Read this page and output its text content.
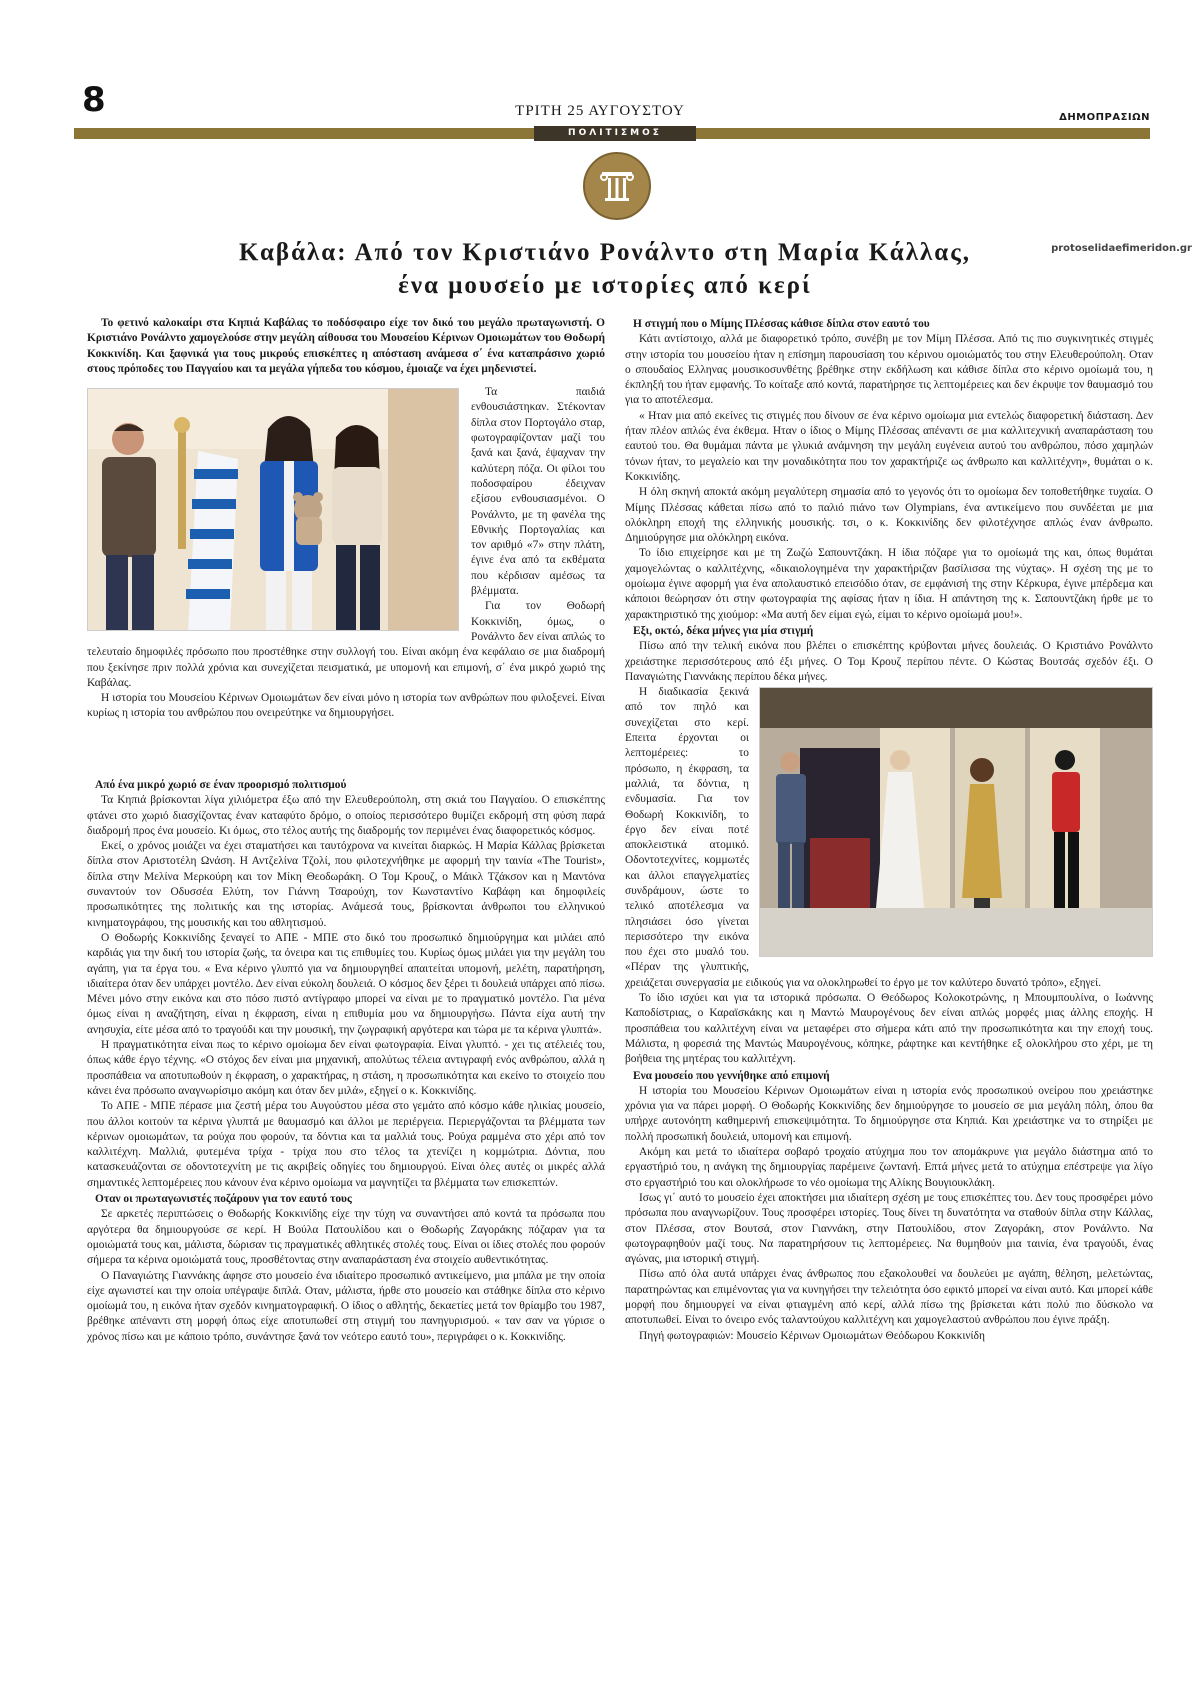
8	ΤΡΙΤΗ 25 ΑΥΓΟΥΣΤΟΥ	ΔΗΜΟΠΡΑΣΙΩΝ
ΠΟΛΙΤΙΣΜΟΣ
Καβάλα: Από τον Κριστιάνο Ρονάλντο στη Μαρία Κάλλας,
ένα μουσείο με ιστορίες από κερί
protoselidaefimeridon.gr

Το φετινό καλοκαίρι στα Κηπιά Καβάλας το ποδόσφαιρο είχε τον δικό του μεγάλο πρωταγωνιστή. Ο Κριστιάνο Ρονάλντο χαμογελούσε στην μεγάλη αίθουσα του Μουσείου Κέρινων Ομοιωμάτων του Θοδωρή Κοκκινίδη. Και ξαφνικά για τους μικρούς επισκέπτες η απόσταση ανάμεσα σ΄ ένα καταπράσινο χωριό στους πρόποδες του Παγγαίου και τα μεγάλα γήπεδα του κόσμου, έμοιαζε να έχει μηδενιστεί.

Τα παιδιά ενθουσιάστηκαν. Στέκονταν δίπλα στον Πορτογάλο σταρ, φωτογραφίζονταν μαζί του ξανά και ξανά, έψαχναν την καλύτερη πόζα. Οι φίλοι του ποδοσφαίρου έδειχναν εξίσου ενθουσιασμένοι. Ο Ρονάλντο, με τη φανέλα της Εθνικής Πορτογαλίας και τον αριθμό «7» στην πλάτη, έγινε ένα από τα εκθέματα που κέρδισαν αμέσως τα βλέμματα.

Για τον Θοδωρή Κοκκινίδη, όμως, ο Ρονάλντο δεν είναι απλώς το τελευταίο δημοφιλές πρόσωπο που προστέθηκε στην συλλογή του. Είναι ακόμη ένα κεφάλαιο σε μια διαδρομή που ξεκίνησε πριν πολλά χρόνια και συνεχίζεται πεισματικά, με υπομονή και επιμονή, σ΄ ένα μικρό χωριό της Καβάλας.

Η ιστορία του Μουσείου Κέρινων Ομοιωμάτων δεν είναι μόνο η ιστορία των ανθρώπων που φιλοξενεί. Είναι κυρίως η ιστορία του ανθρώπου που ονειρεύτηκε να δημιουργήσει.

Από ένα μικρό χωριό σε έναν προορισμό πολιτισμού

Τα Κηπιά βρίσκονται λίγα χιλιόμετρα έξω από την Ελευθερούπολη, στη σκιά του Παγγαίου. Ο επισκέπτης φτάνει στο χωριό διασχίζοντας έναν καταφύτο δρόμο, ο οποίος περισσότερο θυμίζει εκδρομή στη φύση παρά διαδρομή προς ένα μουσείο. Κι όμως, στο τέλος αυτής της διαδρομής τον περιμένει ένας διαφορετικός κόσμος.

Εκεί, ο χρόνος μοιάζει να έχει σταματήσει και ταυτόχρονα να κινείται διαρκώς. Η Μαρία Κάλλας βρίσκεται δίπλα στον Αριστοτέλη Ωνάση. Η Αντζελίνα Τζολί, που φιλοτεχνήθηκε με αφορμή την ταινία «The Tourist», δίπλα στην Μελίνα Μερκούρη και τον Μίκη Θεοδωράκη. Ο Τομ Κρουζ, ο Μάικλ Τζάκσον και η Μαντόνα συναντούν τον Οδυσσέα Ελύτη, τον Γιάννη Τσαρούχη, τον Κωνσταντίνο Καβάφη και δημοφιλείς προσωπικότητες της πολιτικής και της ιστορίας. Ανάμεσά τους, βρίσκονται άνθρωποι του ελληνικού κινηματογράφου, της μουσικής και του αθλητισμού.

Ο Θοδωρής Κοκκινίδης ξεναγεί το ΑΠΕ - ΜΠΕ στο δικό του προσωπικό δημιούργημα και μιλάει από καρδιάς για την δική του ιστορία ζωής, τα όνειρα και τις επιθυμίες του. Κυρίως όμως μιλάει για την μεγάλη του αγάπη, για τα έργα του. « Ενα κέρινο γλυπτό για να δημιουργηθεί απαιτείται υπομονή, μελέτη, παρατήρηση, ιδιαίτερα όταν δεν υπάρχει μοντέλο. Δεν είναι εύκολη δουλειά. Ο κόσμος δεν ξέρει τι δουλειά υπάρχει από πίσω. Μένει μόνο στην εικόνα και στο πόσο πιστό αντίγραφο μπορεί να είναι με το πραγματικό μοντέλο. Για μένα όμως είναι η αναζήτηση, είναι η έκφραση, είναι η επιθυμία μου να δημιουργήσω. Πάντα είχα αυτή την ανησυχία, είτε μέσα από το τραγούδι και την μουσική, την ζωγραφική αργότερα και τώρα με τα κέρινα γλυπτά».

Η πραγματικότητα είναι πως το κέρινο ομοίωμα δεν είναι φωτογραφία. Είναι γλυπτό. - χει τις ατέλειές του, όπως κάθε έργο τέχνης. «Ο στόχος δεν είναι μια μηχανική, απολύτως τέλεια αντιγραφή ενός ανθρώπου, αλλά η προσπάθεια να αποτυπωθούν η έκφραση, ο χαρακτήρας, η στάση, η προσωπικότητα και εκείνο το στοιχείο που κάνει ένα πρόσωπο αναγνωρίσιμο ακόμη και όταν δεν μιλά», εξηγεί ο κ. Κοκκινίδης.

Το ΑΠΕ - ΜΠΕ πέρασε μια ζεστή μέρα του Αυγούστου μέσα στο γεμάτο από κόσμο κάθε ηλικίας μουσείο, που άλλοι κοιτούν τα κέρινα γλυπτά με θαυμασμό και άλλοι με περιέργεια. Περιεργάζονται τα βλέμματα των κέρινων ομοιωμάτων, τα ρούχα που φορούν, τα δόντια και τα μαλλιά τους. Ρούχα ραμμένα στο χέρι από τον καλλιτέχνη. Μαλλιά, φυτεμένα τρίχα - τρίχα που στο τέλος τα χτενίζει η κομμώτρια. Δόντια, που κατασκευάζονται σε οδοντοτεχνίτη με τις ακριβείς οδηγίες του δημιουργού. Είναι όλες αυτές οι μικρές αλλά σημαντικές λεπτομέρειες που κάνουν ένα κέρινο ομοίωμα να μαγνητίζει τα βλέμματα των επισκεπτών.

Οταν οι πρωταγωνιστές ποζάρουν για τον εαυτό τους

Σε αρκετές περιπτώσεις ο Θοδωρής Κοκκινίδης είχε την τύχη να συναντήσει από κοντά τα πρόσωπα που αργότερα θα δημιουργούσε σε κερί. Η Βούλα Πατουλίδου και ο Θοδωρής Ζαγοράκης πόζαραν για τα ομοιώματά τους και, μάλιστα, δώρισαν τις πραγματικές αθλητικές στολές τους. Είναι οι ίδιες στολές που φορούν σήμερα τα κέρινα ομοιώματά τους, προσθέτοντας στην αναπαράσταση ένα στοιχείο αυθεντικότητας.

Ο Παναγιώτης Γιαννάκης άφησε στο μουσείο ένα ιδιαίτερο προσωπικό αντικείμενο, μια μπάλα με την οποία είχε αγωνιστεί και την οποία υπέγραψε διπλά. Οταν, μάλιστα, ήρθε στο μουσείο και στάθηκε δίπλα στο κέρινο ομοίωμά του, η εικόνα ήταν σχεδόν κινηματογραφική. Ο ίδιος ο αθλητής, δεκαετίες μετά τον θρίαμβο του 1987, βρέθηκε απέναντι στη μορφή όπως είχε αποτυπωθεί στη στιγμή του πανηγυρισμού. « ταν σαν να γύρισε ο χρόνος πίσω και με κάποιο τρόπο, συνάντησε ξανά τον νεότερο εαυτό του», περιγράφει ο κ. Κοκκινίδης.

Η στιγμή που ο Μίμης Πλέσσας κάθισε δίπλα στον εαυτό του

Κάτι αντίστοιχο, αλλά με διαφορετικό τρόπο, συνέβη με τον Μίμη Πλέσσα. Από τις πιο συγκινητικές στιγμές στην ιστορία του μουσείου ήταν η επίσημη παρουσίαση του κέρινου ομοιώματός του στην Ελευθερούπολη. Οταν ο σπουδαίος Ελληνας μουσικοσυνθέτης βρέθηκε στην εκδήλωση και κάθισε δίπλα στο κέρινο ομοίωμά του, η έκπληξή του ήταν εμφανής. Το κοίταξε από κοντά, παρατήρησε τις λεπτομέρειες και δεν έκρυψε τον θαυμασμό του για το αποτέλεσμα.

« Ηταν μια από εκείνες τις στιγμές που δίνουν σε ένα κέρινο ομοίωμα μια εντελώς διαφορετική διάσταση. Δεν ήταν πλέον απλώς ένα έκθεμα. Ηταν ο ίδιος ο Μίμης Πλέσσας απέναντι σε μια καλλιτεχνική αναπαράσταση του εαυτού του. Θα θυμάμαι πάντα με γλυκιά ανάμνηση την μεγάλη ευγένεια αυτού του ανθρώπου, πόσο χαμηλών τόνων ήταν, το μεγαλείο και την μοναδικότητα που τον χαρακτήριζε ως άνθρωπο και καλλιτέχνη», θυμάται ο κ. Κοκκινίδης.

Η όλη σκηνή αποκτά ακόμη μεγαλύτερη σημασία από το γεγονός ότι το ομοίωμα δεν τοποθετήθηκε τυχαία. Ο Μίμης Πλέσσας κάθεται πίσω από το παλιό πιάνο των Olympians, ένα αντικείμενο που συνδέεται με μια ολόκληρη εποχή της ελληνικής μουσικής. τσι, ο κ. Κοκκινίδης δεν φιλοτέχνησε απλώς έναν άνθρωπο. Δημιούργησε μια ολόκληρη εικόνα.

Το ίδιο επιχείρησε και με τη Ζωζώ Σαπουντζάκη. Η ίδια πόζαρε για το ομοίωμά της και, όπως θυμάται χαμογελώντας ο καλλιτέχνης, «δικαιολογημένα την χαρακτήριζαν βασίλισσα της νύχτας». Η σχέση της με το ομοίωμα έγινε αφορμή για ένα απολαυστικό επεισόδιο όταν, σε εμφάνισή της στην Κέρκυρα, έγινε μπέρδεμα και κάποιοι θεώρησαν ότι στην φωτογραφία της αφίσας ήταν η ίδια. Η απάντηση της κ. Σαπουντζάκη ήρθε με το χαρακτηριστικό της χιούμορ: «Μα αυτή δεν είμαι εγώ, είμαι το κέρινο ομοίωμά μου!».

Εξι, οκτώ, δέκα μήνες για μία στιγμή

Πίσω από την τελική εικόνα που βλέπει ο επισκέπτης κρύβονται μήνες δουλειάς. Ο Κριστιάνο Ρονάλντο χρειάστηκε περισσότερους από έξι μήνες. Ο Τομ Κρουζ περίπου πέντε. Ο Κώστας Βουτσάς σχεδόν έξι. Ο Παναγιώτης Γιαννάκης περίπου δέκα μήνες.

Η διαδικασία ξεκινά από τον πηλό και συνεχίζεται στο κερί. Επειτα έρχονται οι λεπτομέρειες: το πρόσωπο, η έκφραση, τα μαλλιά, τα δόντια, η ενδυμασία. Για τον Θοδωρή Κοκκινίδη, το έργο δεν είναι ποτέ αποκλειστικά ατομικό. Οδοντοτεχνίτες, κομμωτές και άλλοι επαγγελματίες συνδράμουν, ώστε το τελικό αποτέλεσμα να πλησιάσει όσο γίνεται περισσότερο την εικόνα που έχει στο μυαλό του. «Πέραν της γλυπτικής, χρειάζεται συνεργασία με ειδικούς για να ολοκληρωθεί το έργο με τον καλύτερο δυνατό τρόπο», εξηγεί.

Το ίδιο ισχύει και για τα ιστορικά πρόσωπα. Ο Θεόδωρος Κολοκοτρώνης, η Μπουμπουλίνα, ο Ιωάννης Καποδίστριας, ο Καραϊσκάκης και η Μαντώ Μαυρογένους δεν είναι απλώς μορφές μιας άλλης εποχής. Η προσπάθεια του καλλιτέχνη είναι να μεταφέρει στο σήμερα κάτι από την προσωπικότητα και την εποχή τους. Μάλιστα, η φορεσιά της Μαντώς Μαυρογένους, κόπηκε, ράφτηκε και κεντήθηκε εξ ολοκλήρου στο χέρι, με τη βοήθεια της μητέρας του καλλιτέχνη.

Ενα μουσείο που γεννήθηκε από επιμονή

Η ιστορία του Μουσείου Κέρινων Ομοιωμάτων είναι η ιστορία ενός προσωπικού ονείρου που χρειάστηκε χρόνια για να πάρει μορφή. Ο Θοδωρής Κοκκινίδης δεν δημιούργησε το μουσείο σε μια μεγάλη πόλη, όπου θα υπήρχε αυτονόητη καθημερινή επισκεψιμότητα. Το δημιούργησε στα Κηπιά. Και χρειάστηκε να το στηρίξει με πολλή προσωπική δουλειά, υπομονή και επιμονή.

Ακόμη και μετά το ιδιαίτερα σοβαρό τροχαίο ατύχημα που τον απομάκρυνε για μεγάλο διάστημα από το εργαστήριό του, η ανάγκη της δημιουργίας παρέμεινε ζωντανή. Επτά μήνες μετά το ατύχημα επέστρεψε για λίγο στο εργαστήριό του και ολοκλήρωσε το νέο ομοίωμα της Αλίκης Βουγιουκλάκη.

Ισως γι΄ αυτό το μουσείο έχει αποκτήσει μια ιδιαίτερη σχέση με τους επισκέπτες του. Δεν τους προσφέρει μόνο πρόσωπα που αναγνωρίζουν. Τους προσφέρει ιστορίες. Τους δίνει τη δυνατότητα να σταθούν δίπλα στην Κάλλας, στον Πλέσσα, στον Βουτσά, στον Γιαννάκη, στην Πατουλίδου, στον Ζαγοράκη, στον Ρονάλντο. Να φωτογραφηθούν μαζί τους. Να παρατηρήσουν τις λεπτομέρειες. Να θυμηθούν μια ταινία, ένα τραγούδι, ένας αγώνας, μια ιστορική στιγμή.

Πίσω από όλα αυτά υπάρχει ένας άνθρωπος που εξακολουθεί να δουλεύει με αγάπη, θέληση, μελετώντας, παρατηρώντας και επιμένοντας για να κυνηγήσει την τελειότητα όσο εφικτό μπορεί να είναι αυτό. Και μπορεί κάθε μορφή που δημιουργεί να είναι φτιαγμένη από κερί, αλλά πίσω της βρίσκεται κάτι πολύ πιο δύσκολο να αποτυπωθεί. Είναι το όνειρο ενός ταλαντούχου καλλιτέχνη και χαμογελαστού ανθρώπου που έγινε πράξη.

Πηγή φωτογραφιών: Μουσείο Κέρινων Ομοιωμάτων Θεόδωρου Κοκκινίδη
